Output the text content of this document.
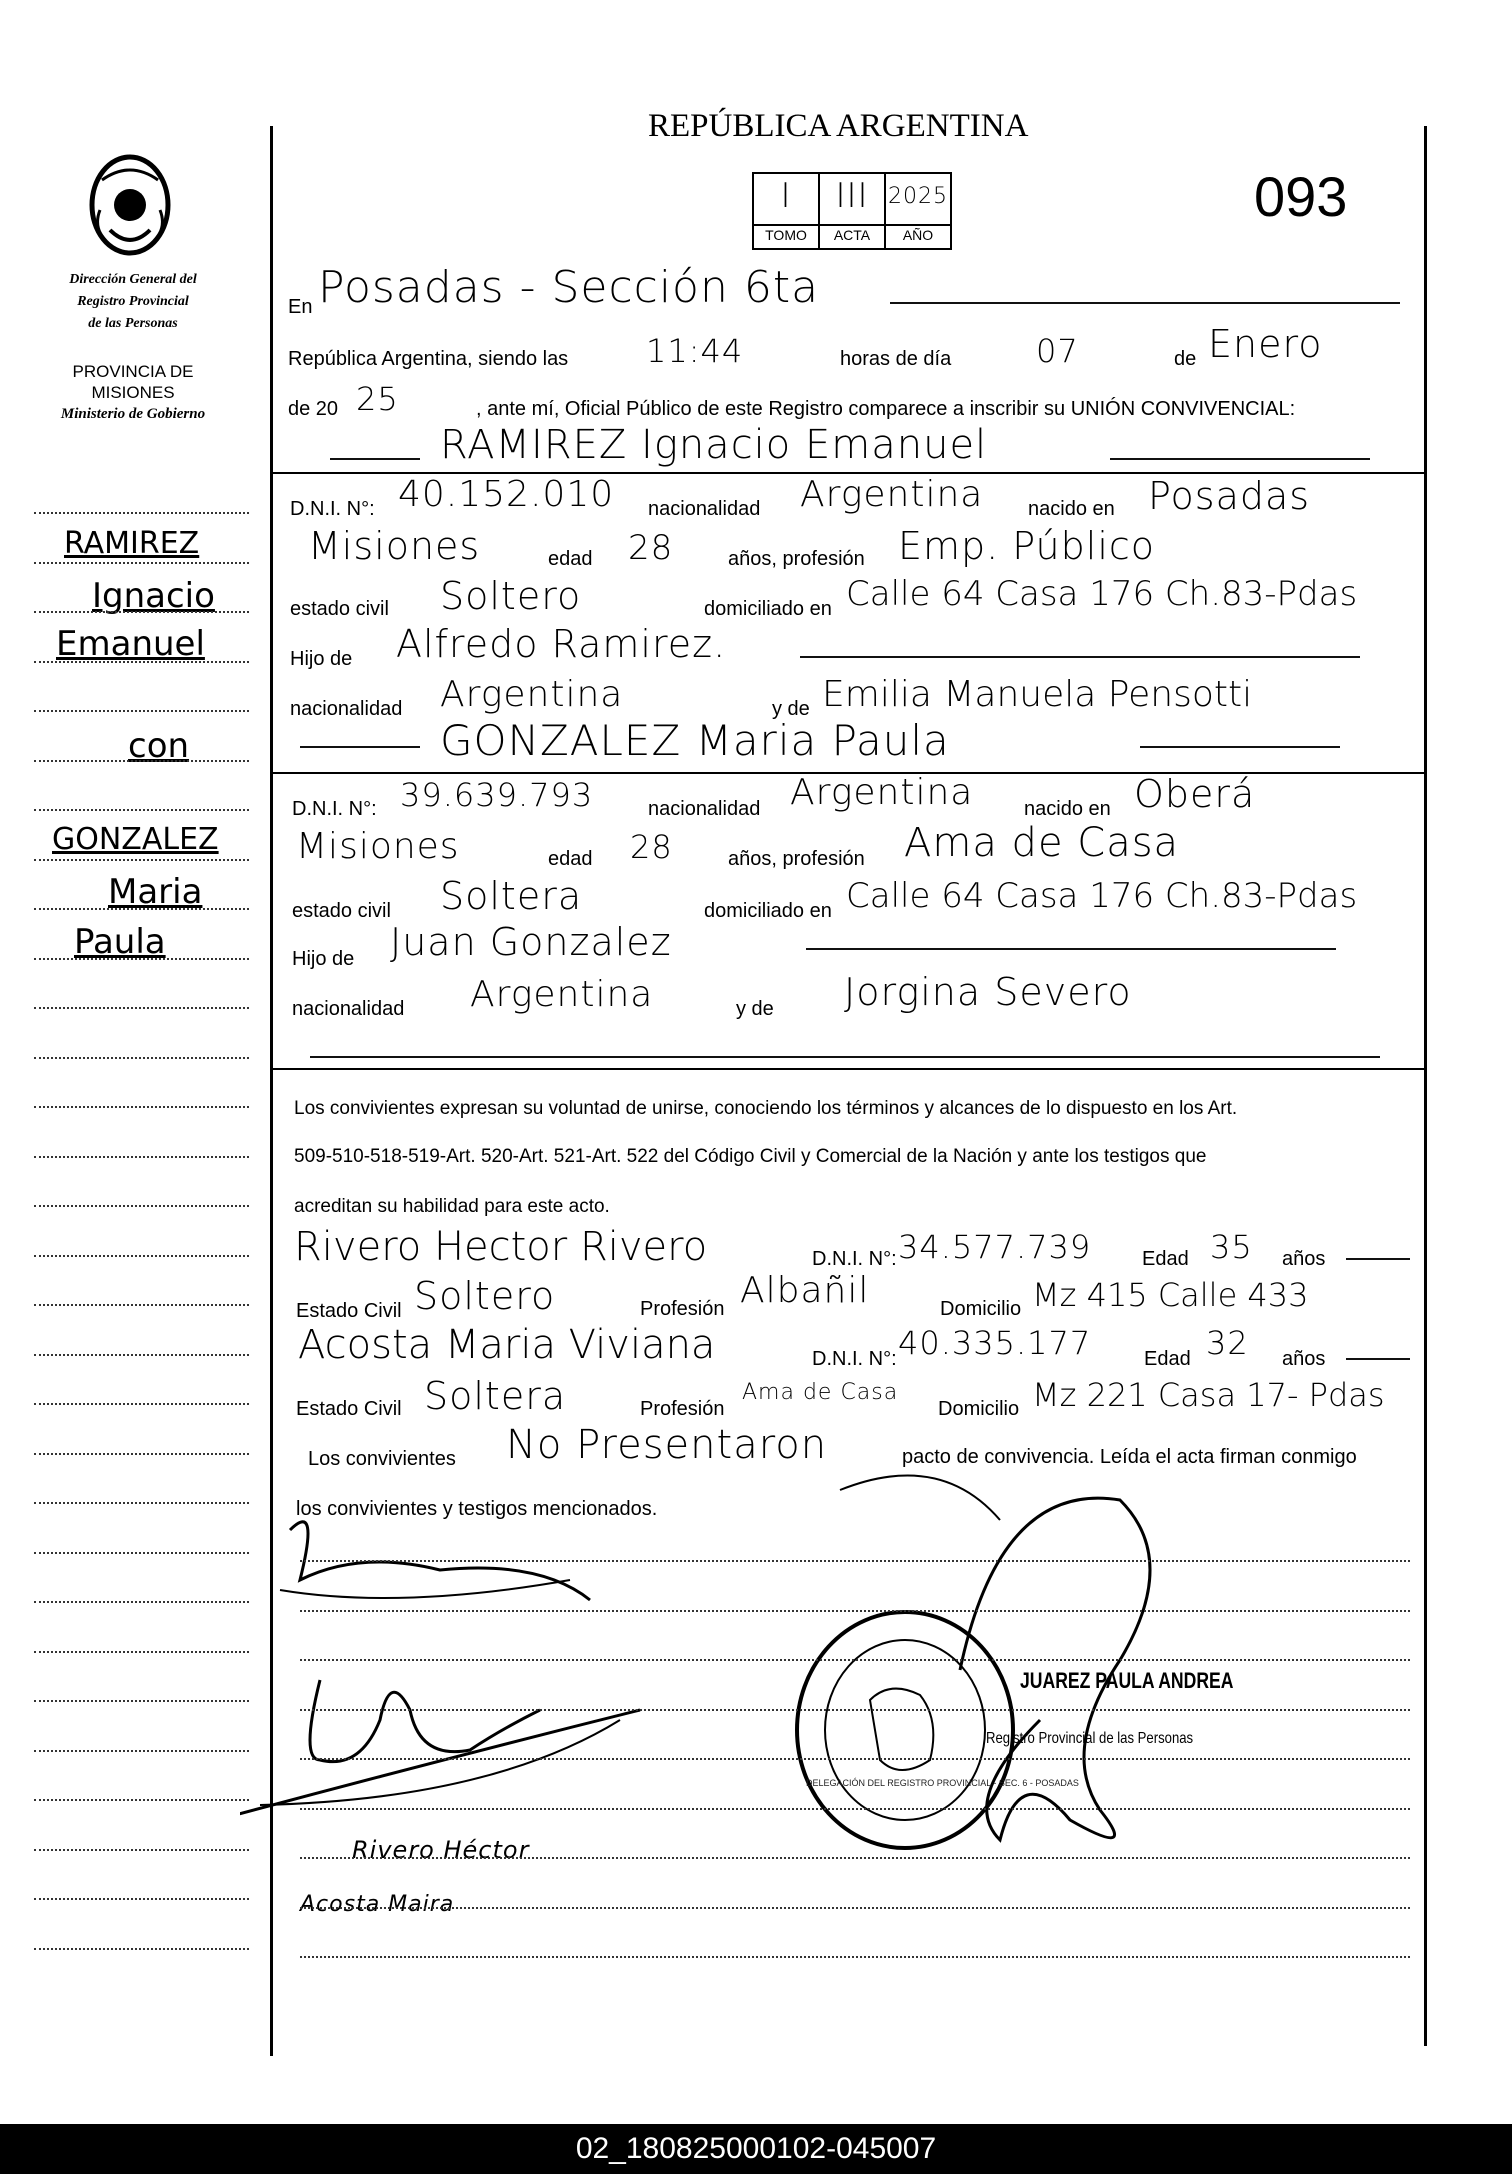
REPÚBLICA ARGENTINA
I	III 2025
TOMO	ACTA	AÑO
093
Dirección General del
Registro Provincial
de las Personas
PROVINCIA DE
MISIONES
Ministerio de Gobierno
RAMIREZ
Ignacio
Emanuel
con
GONZALEZ
Maria
Paula
En Posadas - Sección 6ta
República Argentina, siendo las 11:44	horas de día	07	de Enero
de 20 25	, ante mí, Oficial Público de este Registro comparece a inscribir su UNIÓN CONVIVENCIAL:
RAMIREZ Ignacio Emanuel
D.N.I. N°: 40.152.010 nacionalidad Argentina nacido en Posadas
Misiones	edad 28	años, profesión Emp. Público
estado civil Soltero	domiciliado en Calle 64 Casa 176 Ch.83-Pdas
Hijo de Alfredo Ramirez.
nacionalidad Argentina	y de Emilia Manuela Pensotti
GONZALEZ Maria Paula
D.N.I. N°: 39.639.793	nacionalidad Argentina	nacido en Oberá
Misiones	edad 28	años, profesión Ama de Casa
estado civil Soltera	domiciliado en Calle 64 Casa 176 Ch.83-Pdas
Hijo de Juan Gonzalez
nacionalidad Argentina	y de Jorgina Severo
Los convivientes expresan su voluntad de unirse, conociendo los términos y alcances de lo dispuesto en los Art.
509-510-518-519-Art. 520-Art. 521-Art. 522 del Código Civil y Comercial de la Nación y ante los testigos que
acreditan su habilidad para este acto.
Rivero Hector Rivero	D.N.I. N°: 34.577.739	Edad 35 años
Estado Civil Soltero	Profesión Albañil	Domicilio Mz 415 Calle 433
Acosta Maria Viviana	D.N.I. N°: 40.335.177	Edad 32 años
Estado Civil Soltera	Profesión
Ama de Casa
Domicilio Mz 221 Casa 17- Pdas
Los convivientes No Presentaron	pacto de convivencia. Leída el acta firman conmigo
los convivientes y testigos mencionados.
DELEGACIÓN DEL REGISTRO PROVINCIAL - SEC. 6 - POSADAS
JUAREZ PAULA ANDREA
Registro Provincial de las Personas
Rivero Héctor
Acosta Maira
02_180825000102-045007
